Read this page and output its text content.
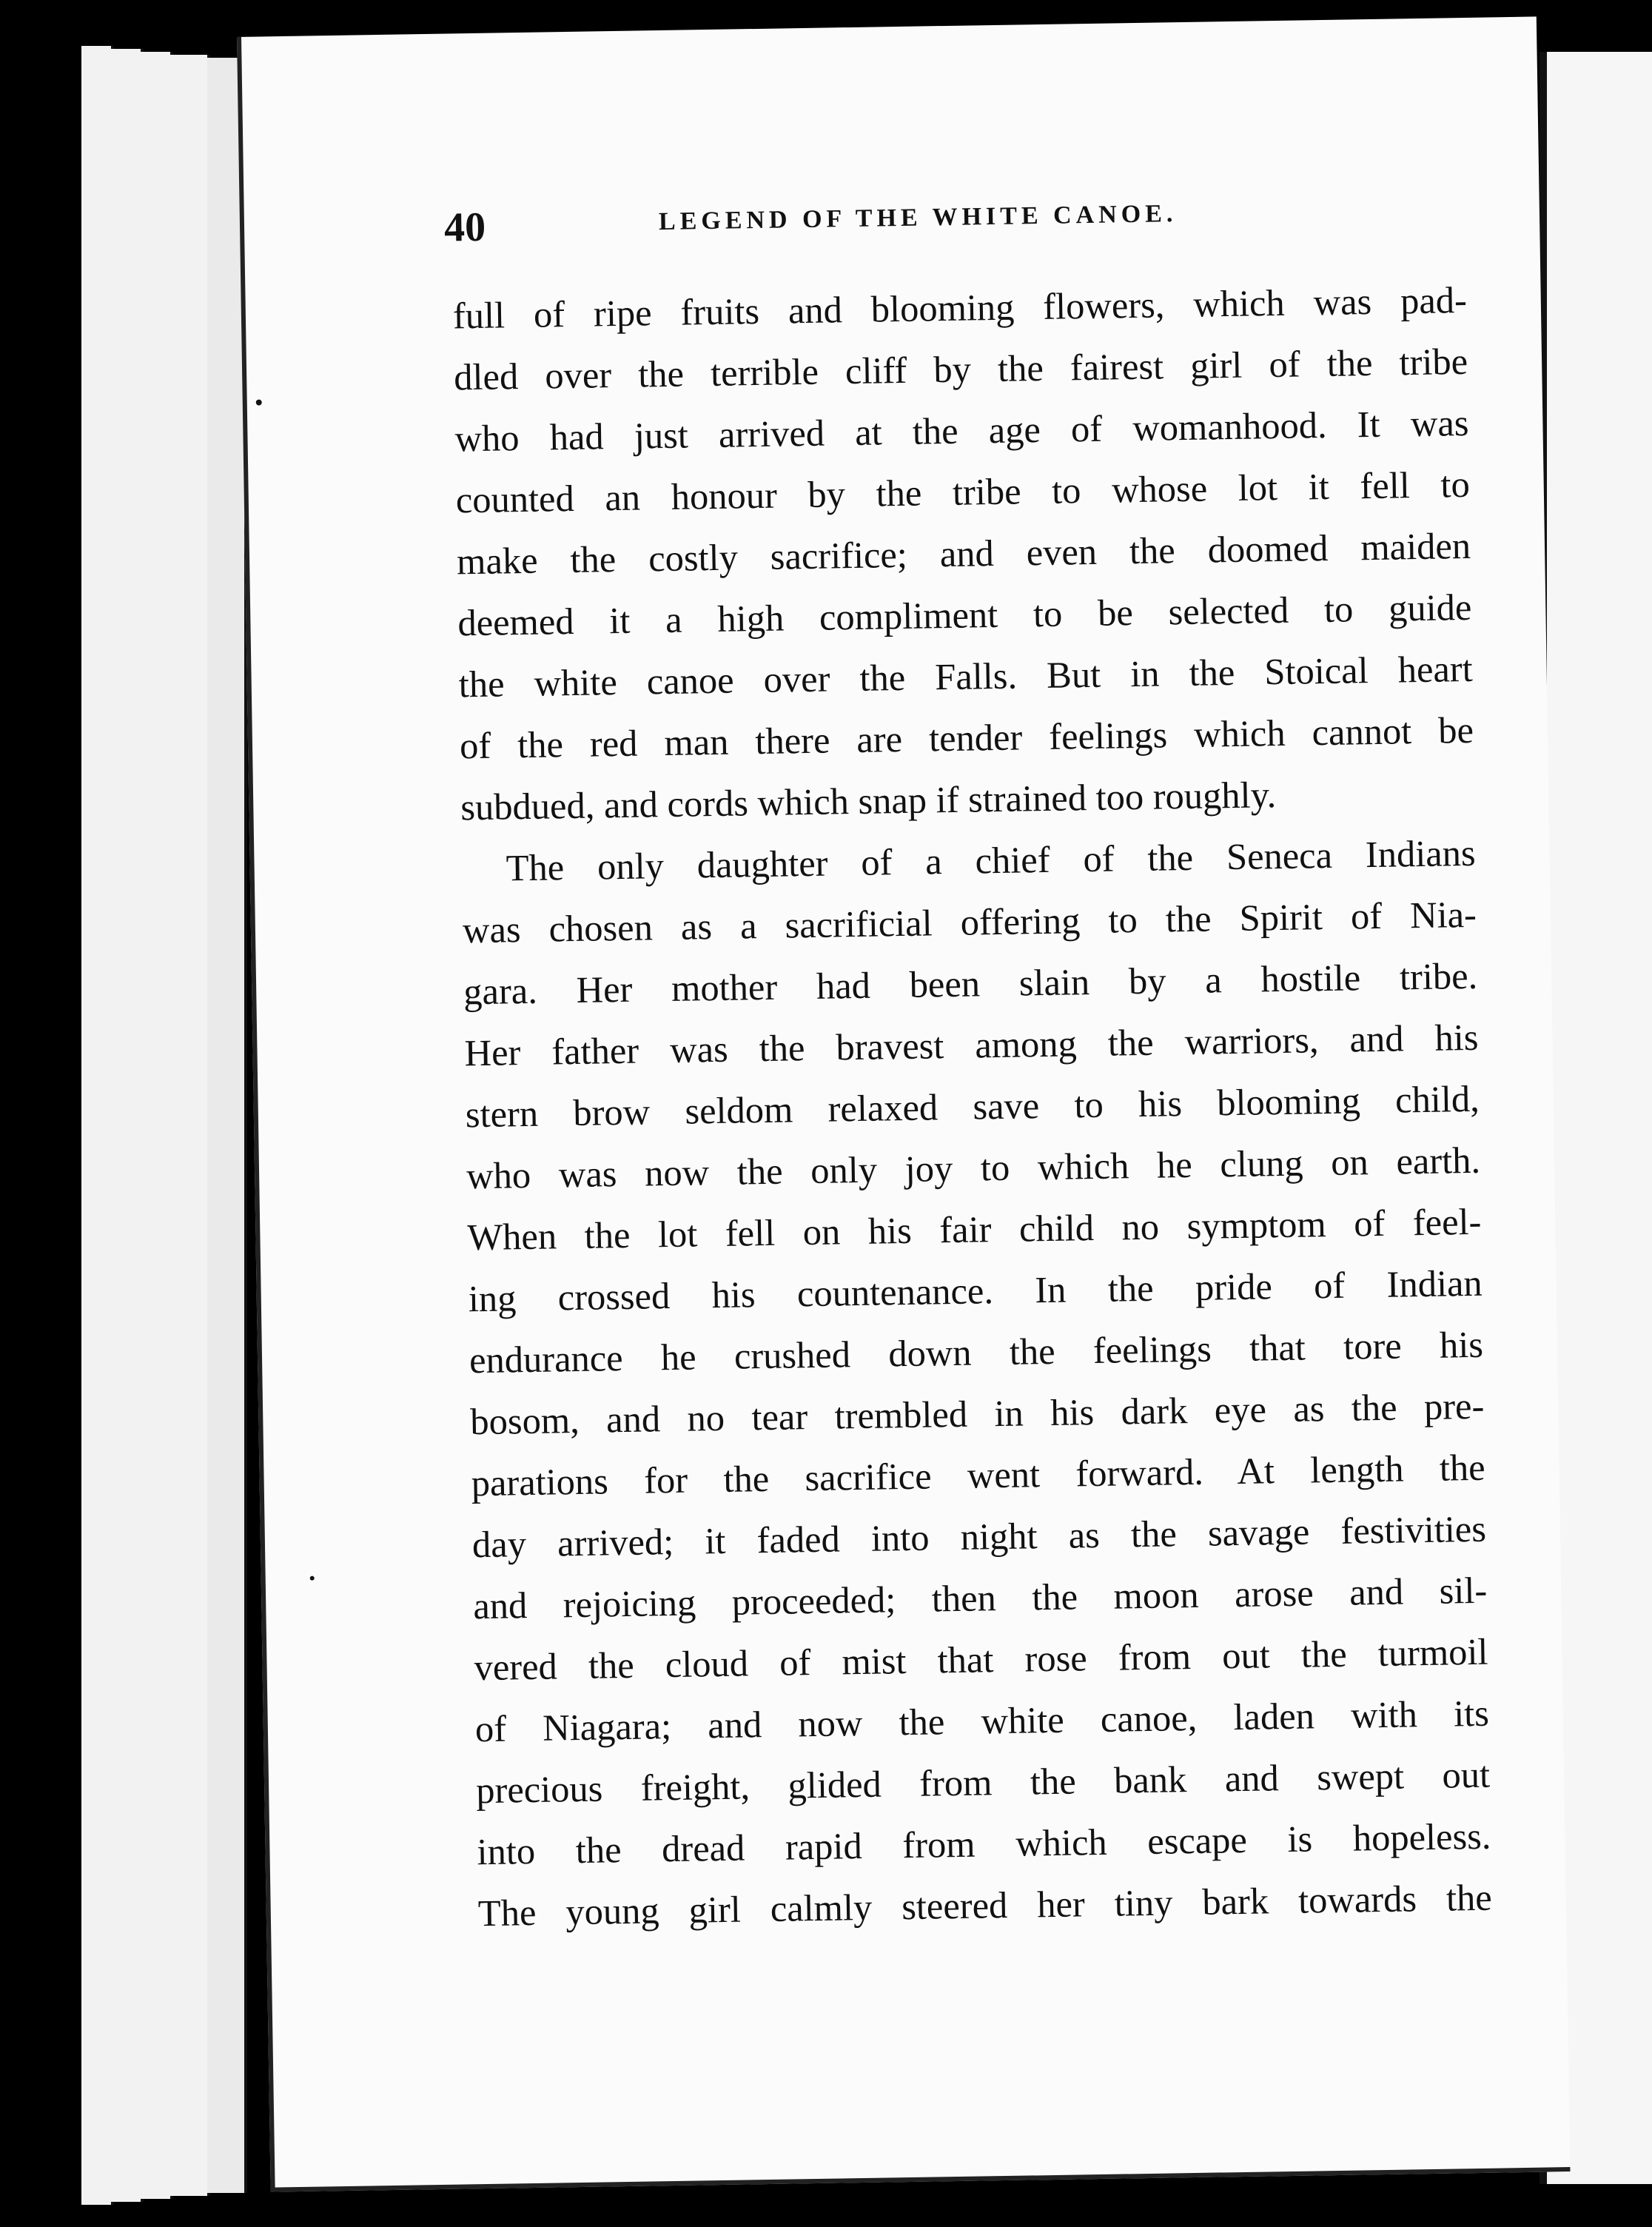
40	LEGEND OF THE WHITE CANOE.
full of ripe fruits and blooming flowers, which was pad-
dled over the terrible cliff by the fairest girl of the tribe
who had just arrived at the age of womanhood. It was
counted an honour by the tribe to whose lot it fell to
make the costly sacrifice; and even the doomed maiden
deemed it a high compliment to be selected to guide
the white canoe over the Falls. But in the Stoical heart
of the red man there are tender feelings which cannot be
subdued, and cords which snap if strained too roughly.
The only daughter of a chief of the Seneca Indians
was chosen as a sacrificial offering to the Spirit of Nia-
gara. Her mother had been slain by a hostile tribe.
Her father was the bravest among the warriors, and his
stern brow seldom relaxed save to his blooming child,
who was now the only joy to which he clung on earth.
When the lot fell on his fair child no symptom of feel-
ing crossed his countenance. In the pride of Indian
endurance he crushed down the feelings that tore his
bosom, and no tear trembled in his dark eye as the pre-
parations for the sacrifice went forward. At length the
day arrived; it faded into night as the savage festivities
and rejoicing proceeded; then the moon arose and sil-
vered the cloud of mist that rose from out the turmoil
of Niagara; and now the white canoe, laden with its
precious freight, glided from the bank and swept out
into the dread rapid from which escape is hopeless.
The young girl calmly steered her tiny bark towards the
